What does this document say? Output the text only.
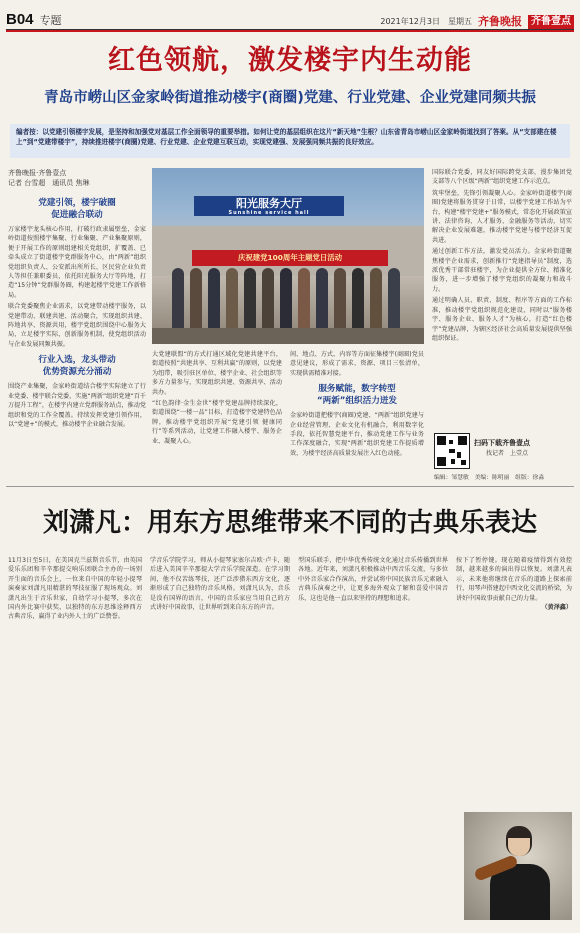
B04 专题	2021年12月3日　星期五 齐鲁晚报 齐鲁壹点
红色领航，激发楼宇内生动能
青岛市崂山区金家岭街道推动楼宇(商圈)党建、行业党建、企业党建同频共振
编者按：以党建引领楼宇发展，是坚持和加强党对基层工作全面领导的重要举措。如何让党的基层组织在这片“新天地”生根？山东省青岛市崂山区金家岭街道找到了答案。从“支部建在楼上”到“党建带楼宇”，持续推进楼宇(商圈)党建、行业党建、企业党建互联互动，实现党建强、发展强同频共振的良好效应。
齐鲁晚报·齐鲁壹点
记者 台雪超　通讯员 焦琳
党建引领，楼宇破圈
促进融合联动
万家楼宇龙头核心作用，打破行政隶属壁垒，金家岭街道按照楼宇集聚、行业集聚、产业集聚原则，便于开展工作的原则组建相关党组织，扩覆盖、已牵头成立了街道楼宇党群服务中心，由“两新”组织党组织负责人、公安派出所所长、区民营企业负责人等担任兼职委员，依托阳光服务大厅等阵地，打造“15分钟”党群服务圈，构建起楼宇党建工作新格局。
联合党委聚焦企业需求，以党建带动楼宇服务，以党建带动、联建共建、活动聚合，实现组织共建、阵地共享、资源共用，楼宇党组织围绕中心服务大局，立足楼宇实际，创新服务机制，使党组织活动与企业发展同频共振。
行业入选，龙头带动
优势资源充分涌动
围绕产业集聚，金家岭街道结合楼宇实际建立了行业党委、楼宇联合党委，实施“两新”组织党建“百千万提升工程”，在楼宇内建立党群服务站点，推动党组织和党的工作全覆盖。持续发挥党建引领作用，以“党建+”的模式，推动楼宇企业融合发展。
阳光服务大厅
Sunshine service hall
庆祝建党100周年主题党日活动
大党建联盟“的方式打通区域化党建共建平台，街道按照“共建共享、互利共赢”的原则，以党建为纽带，吸引驻区单位、楼宇企业、社会组织等多方力量参与，实现组织共建、资源共享、活动共办。
“红色韵律·金生金世”楼宇党建品牌持续深化，街道围绕“一楼一品”目标，打造楼宇党建特色品牌，推动楼宇党组织开展“党建引领 健康同行”等系列活动，让党建工作融入楼宇、服务企业、凝聚人心。
间、地点、方式、内容等方面征集楼宇(商圈)党员意见建议，形成了需求、资源、项目三张清单，实现供需精准对接。
服务赋能，数字转型
“两新”组织活力迸发
金家岭街道把楼宇(商圈)党建、“两新”组织党建与企业经营管理、企业文化有机融合，利用数字化手段，依托智慧党建平台，推动党建工作与业务工作深度融合，实现“两新”组织党建工作提质增效，为楼宇经济高质量发展注入红色动能。
国际联合党委，同友好国际跨党支部，漫步集团党支部等八个区级“两新”组织党建工作示范点。
筑牢堡垒，先锋引领凝聚人心。金家岭街道楼宇(商圈)党建将服务贯穿于日常，以楼宇党建工作站为平台，构建“楼宇党建+”服务模式，常态化开展政策宣讲、法律咨询、人才服务、金融服务等活动，切实解决企业发展难题，推动楼宇党建与楼宇经济互促共进。
通过创新工作方法，激发党员活力。金家岭街道聚焦楼宇企业需求，创新推行“党建指导员”制度，选派优秀干部常驻楼宇，为企业提供全方位、精准化服务，进一步增强了楼宇党组织的凝聚力和战斗力。
通过明确人员、职责、制度、程序等方面的工作标准，推动楼宇党组织规范化建设，同时以“服务楼宇、服务企业、服务人才”为核心，打造“红色楼宇”党建品牌，为辖区经济社会高质量发展提供坚强组织保证。
扫码下载齐鲁壹点
找记者　上壹点
编辑：邹慧敏　美编：陈明丽　组版：徐淼
刘潇凡：用东方思维带来不同的古典乐表达
11月3日至5日，在美国克兰兹斯音乐节，由英国爱乐乐团和辛辛那提交响乐团联合主办的一场别开生面的音乐会上，一位来自中国的年轻小提琴演奏家刘潇凡用精湛的琴技征服了现场观众。刘潇凡出生于音乐世家，自幼学习小提琴，多次在国内外比赛中获奖，以独特的东方思维诠释西方古典音乐，赢得了业内外人士的广泛赞誉。
学音乐学院学习，师从小提琴家塞尔吉欧·卢卡，随后进入美国辛辛那提大学音乐学院深造。在学习期间，他不仅苦练琴技，还广泛涉猎东西方文化，逐渐形成了自己独特的音乐风格。刘潇凡认为，音乐是没有国界的语言，中国的音乐家应当用自己的方式讲好中国故事，让世界听到来自东方的声音。
型国乐联手，把中华优秀传统文化通过音乐传播到世界各地。近年来，刘潇凡积极推动中西音乐交流，与多位中外音乐家合作演出，并尝试将中国民族音乐元素融入古典乐演奏之中，让更多海外观众了解和喜爱中国音乐，这也是他一直以来坚持的理想和追求。
按下了暂停键。现在随着疫情得到有效控制，越来越多的演出得以恢复。刘潇凡表示，未来他将继续在音乐的道路上探索前行，用琴声搭建起中西文化交流的桥梁，为讲好中国故事贡献自己的力量。
（黄泽鑫）
